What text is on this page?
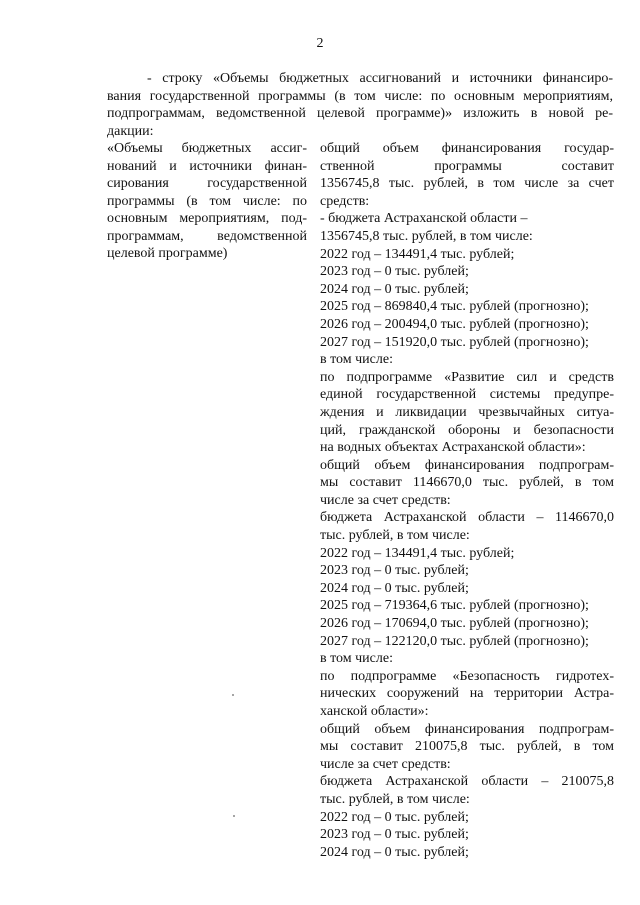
2
- строку «Объемы бюджетных ассигнований и источники финансиро-
вания государственной программы (в том числе: по основным мероприятиям,
подпрограммам, ведомственной целевой программе)» изложить в новой ре-
дакции:
«Объемы бюджетных ассиг-
нований и источники финан-
сирования государственной
программы (в том числе: по
основным мероприятиям, под-
программам, ведомственной
целевой программе)
общий объем финансирования государ-
ственной программы составит
1356745,8 тыс. рублей, в том числе за счет
средств:
- бюджета Астраханской области –
1356745,8 тыс. рублей, в том числе:
2022 год – 134491,4 тыс. рублей;
2023 год – 0 тыс. рублей;
2024 год – 0 тыс. рублей;
2025 год – 869840,4 тыс. рублей (прогнозно);
2026 год – 200494,0 тыс. рублей (прогнозно);
2027 год – 151920,0 тыс. рублей (прогнозно);
в том числе:
по подпрограмме «Развитие сил и средств
единой государственной системы предупре-
ждения и ликвидации чрезвычайных ситуа-
ций, гражданской обороны и безопасности
на водных объектах Астраханской области»:
общий объем финансирования подпрограм-
мы составит 1146670,0 тыс. рублей, в том
числе за счет средств:
бюджета Астраханской области – 1146670,0
тыс. рублей, в том числе:
2022 год – 134491,4 тыс. рублей;
2023 год – 0 тыс. рублей;
2024 год – 0 тыс. рублей;
2025 год – 719364,6 тыс. рублей (прогнозно);
2026 год – 170694,0 тыс. рублей (прогнозно);
2027 год – 122120,0 тыс. рублей (прогнозно);
в том числе:
по подпрограмме «Безопасность гидротех-
нических сооружений на территории Астра-
ханской области»:
общий объем финансирования подпрограм-
мы составит 210075,8 тыс. рублей, в том
числе за счет средств:
бюджета Астраханской области – 210075,8
тыс. рублей, в том числе:
2022 год – 0 тыс. рублей;
2023 год – 0 тыс. рублей;
2024 год – 0 тыс. рублей;
